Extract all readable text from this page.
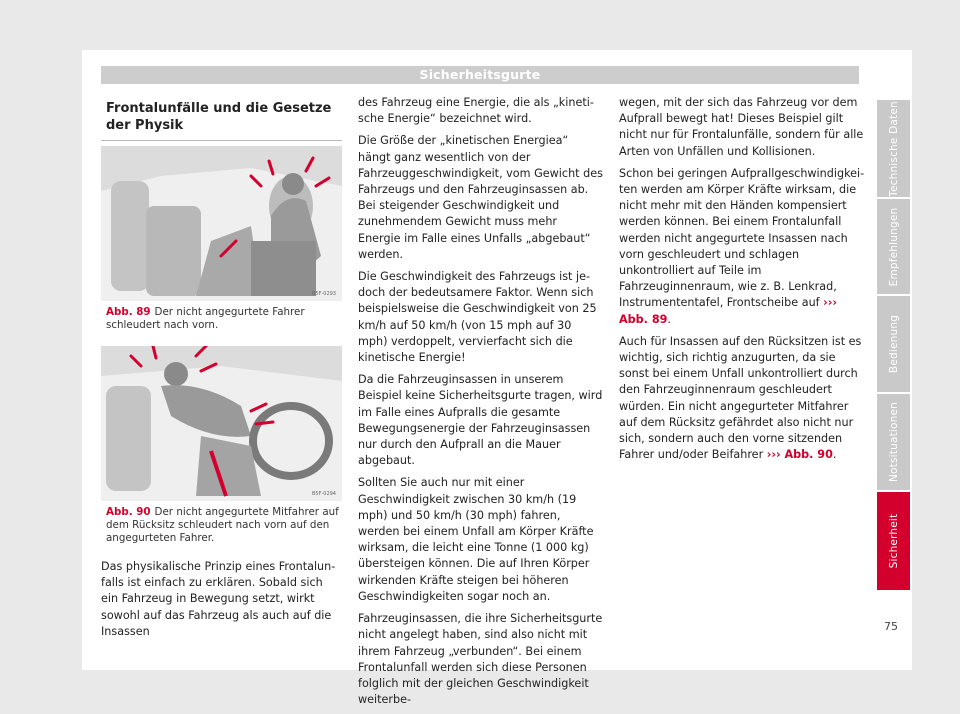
Sicherheitsgurte
Frontalunfälle und die Gesetze der Physik
B5F-0293
Abb. 89 Der nicht angegurtete Fahrer schleudert nach vorn.
B5F-0294
Abb. 90 Der nicht angegurtete Mitfahrer auf dem Rücksitz schleudert nach vorn auf den angegurteten Fahrer.

Das physikalische Prinzip eines Frontalunfalls ist einfach zu erklären. Sobald sich ein Fahrzeug in Bewegung setzt, wirkt sowohl auf das Fahrzeug als auch auf die Insassen

des Fahrzeug eine Energie, die als „kinetische Energie“ bezeichnet wird.

Die Größe der „kinetischen Energiea“ hängt ganz wesentlich von der Fahrzeuggeschwindigkeit, vom Gewicht des Fahrzeugs und den Fahrzeuginsassen ab. Bei steigender Geschwindigkeit und zunehmendem Gewicht muss mehr Energie im Falle eines Unfalls „abgebaut“ werden.

Die Geschwindigkeit des Fahrzeugs ist jedoch der bedeutsamere Faktor. Wenn sich beispielsweise die Geschwindigkeit von 25 km/h auf 50 km/h (von 15 mph auf 30 mph) verdoppelt, vervierfacht sich die kinetische Energie!

Da die Fahrzeuginsassen in unserem Beispiel keine Sicherheitsgurte tragen, wird im Falle eines Aufpralls die gesamte Bewegungsenergie der Fahrzeuginsassen nur durch den Aufprall an die Mauer abgebaut.

Sollten Sie auch nur mit einer Geschwindigkeit zwischen 30 km/h (19 mph) und 50 km/h (30 mph) fahren, werden bei einem Unfall am Körper Kräfte wirksam, die leicht eine Tonne (1 000 kg) übersteigen können. Die auf Ihren Körper wirkenden Kräfte steigen bei höheren Geschwindigkeiten sogar noch an.

Fahrzeuginsassen, die ihre Sicherheitsgurte nicht angelegt haben, sind also nicht mit ihrem Fahrzeug „verbunden“. Bei einem Frontalunfall werden sich diese Personen folglich mit der gleichen Geschwindigkeit weiterbe-

wegen, mit der sich das Fahrzeug vor dem Aufprall bewegt hat! Dieses Beispiel gilt nicht nur für Frontalunfälle, sondern für alle Arten von Unfällen und Kollisionen.

Schon bei geringen Aufprallgeschwindigkeiten werden am Körper Kräfte wirksam, die nicht mehr mit den Händen kompensiert werden können. Bei einem Frontalunfall werden nicht angegurtete Insassen nach vorn geschleudert und schlagen unkontrolliert auf Teile im Fahrzeuginnenraum, wie z. B. Lenkrad, Instrumententafel, Frontscheibe auf ››› Abb. 89.

Auch für Insassen auf den Rücksitzen ist es wichtig, sich richtig anzugurten, da sie sonst bei einem Unfall unkontrolliert durch den Fahrzeuginnenraum geschleudert würden. Ein nicht angegurteter Mitfahrer auf dem Rücksitz gefährdet also nicht nur sich, sondern auch den vorne sitzenden Fahrer und/oder Beifahrer ››› Abb. 90.

Technische Daten
Empfehlungen
Bedienung
Notsituationen
Sicherheit
75
